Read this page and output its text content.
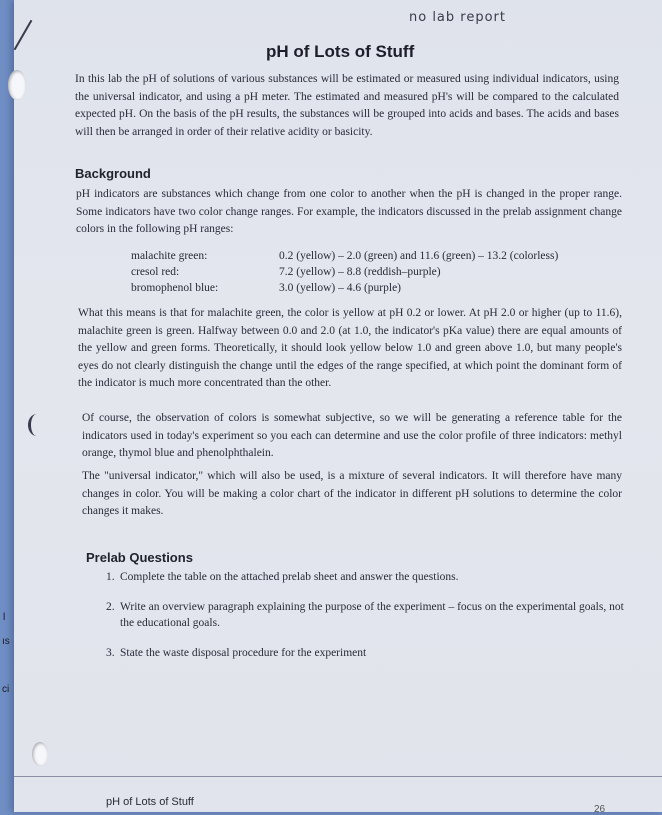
no lab report
pH of Lots of Stuff
In this lab the pH of solutions of various substances will be estimated or measured using individual indicators, using the universal indicator, and using a pH meter. The estimated and measured pH's will be compared to the calculated expected pH. On the basis of the pH results, the substances will be grouped into acids and bases. The acids and bases will then be arranged in order of their relative acidity or basicity.
Background
pH indicators are substances which change from one color to another when the pH is changed in the proper range. Some indicators have two color change ranges. For example, the indicators discussed in the prelab assignment change colors in the following pH ranges:
malachite green:	0.2 (yellow) – 2.0 (green) and 11.6 (green) – 13.2 (colorless)
cresol red:	7.2 (yellow) – 8.8 (reddish–purple)
bromophenol blue:	3.0 (yellow) – 4.6 (purple)
What this means is that for malachite green, the color is yellow at pH 0.2 or lower. At pH 2.0 or higher (up to 11.6), malachite green is green. Halfway between 0.0 and 2.0 (at 1.0, the indicator's pKa value) there are equal amounts of the yellow and green forms. Theoretically, it should look yellow below 1.0 and green above 1.0, but many people's eyes do not clearly distinguish the change until the edges of the range specified, at which point the dominant form of the indicator is much more concentrated than the other.
Of course, the observation of colors is somewhat subjective, so we will be generating a reference table for the indicators used in today's experiment so you each can determine and use the color profile of three indicators: methyl orange, thymol blue and phenolphthalein.
The "universal indicator," which will also be used, is a mixture of several indicators. It will therefore have many changes in color. You will be making a color chart of the indicator in different pH solutions to determine the color changes it makes.
Prelab Questions
1. Complete the table on the attached prelab sheet and answer the questions.
2. Write an overview paragraph explaining the purpose of the experiment – focus on the experimental goals, not the educational goals.
3. State the waste disposal procedure for the experiment
pH of Lots of Stuff
26
l
ıs
ci
